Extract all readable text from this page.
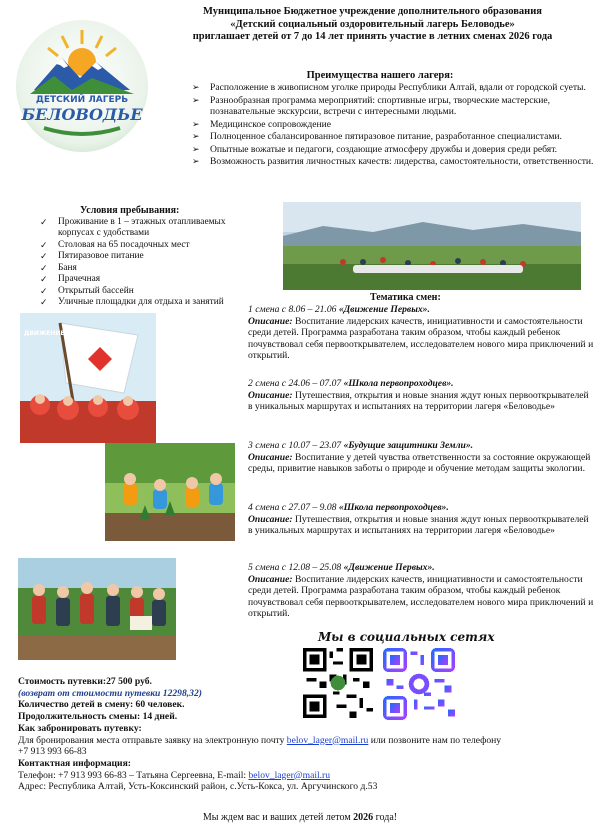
Муниципальное Бюджетное учреждение дополнительного образования
«Детский социальный оздоровительный лагерь Беловодье»
приглашает детей от 7 до 14 лет принять участие в летних сменах 2026 года
ДЕТСКИЙ ЛАГЕРЬ
БЕЛОВОДЬЕ
Преимущества нашего лагеря:
➢ Расположение в живописном уголке природы Республики Алтай, вдали от городской суеты.
➢ Разнообразная программа мероприятий: спортивные игры, творческие мастерские, познавательные экскурсии, встречи с интересными людьми.
➢ Медицинское сопровождение
➢ Полноценное сбалансированное пятиразовое питание, разработанное специалистами.
➢ Опытные вожатые и педагоги, создающие атмосферу дружбы и доверия среди ребят.
➢ Возможность развития личностных качеств: лидерства, самостоятельности, ответственности.
Условия пребывания:
✓ Проживание в 1 – этажных отапливаемых корпусах с удобствами
✓ Столовая на 65 посадочных мест
✓ Пятиразовое питание
✓ Баня
✓ Прачечная
✓ Открытый бассейн
✓ Уличные площадки для отдыха и занятий
ДВИЖЕНИЕ ПЕРВЫХ
Тематика смен:
1 смена с 8.06 – 21.06 «Движение Первых».
Описание: Воспитание лидерских качеств, инициативности и самостоятельности среди детей. Программа разработана таким образом, чтобы каждый ребенок почувствовал себя первооткрывателем, исследователем нового мира приключений и открытий.
2 смена с 24.06 – 07.07 «Школа первопроходцев».
Описание: Путешествия, открытия и новые знания ждут юных первооткрывателей в уникальных маршрутах и испытаниях на территории лагеря «Беловодье»
3 смена с 10.07 – 23.07 «Будущие защитники Земли».
Описание: Воспитание у детей чувства ответственности за состояние окружающей среды, привитие навыков заботы о природе и обучение методам защиты экологии.
4 смена с 27.07 – 9.08 «Школа первопроходцев».
Описание: Путешествия, открытия и новые знания ждут юных первооткрывателей в уникальных маршрутах и испытаниях на территории лагеря «Беловодье»
5 смена с 12.08 – 25.08 «Движение Первых».
Описание: Воспитание лидерских качеств, инициативности и самостоятельности среди детей. Программа разработана таким образом, чтобы каждый ребенок почувствовал себя первооткрывателем, исследователем нового мира приключений и открытий.
Мы в социальных сетях
Стоимость путевки:27 500 руб.
(возврат от стоимости путевки 12298,32)
Количество детей в смену: 60 человек.
Продолжительность смены: 14 дней.
Как забронировать путевку:
Для бронирования места отправьте заявку на электронную почту belov_lager@mail.ru или позвоните нам по телефону
+7 913 993 66-83
Контактная информация:
Телефон: +7 913 993 66-83 – Татьяна Сергеевна, E-mail: belov_lager@mail.ru
Адрес: Республика Алтай, Усть-Коксинский район, с.Усть-Кокса, ул. Аргучинского д.53
Мы ждем вас и ваших детей летом 2026 года!
